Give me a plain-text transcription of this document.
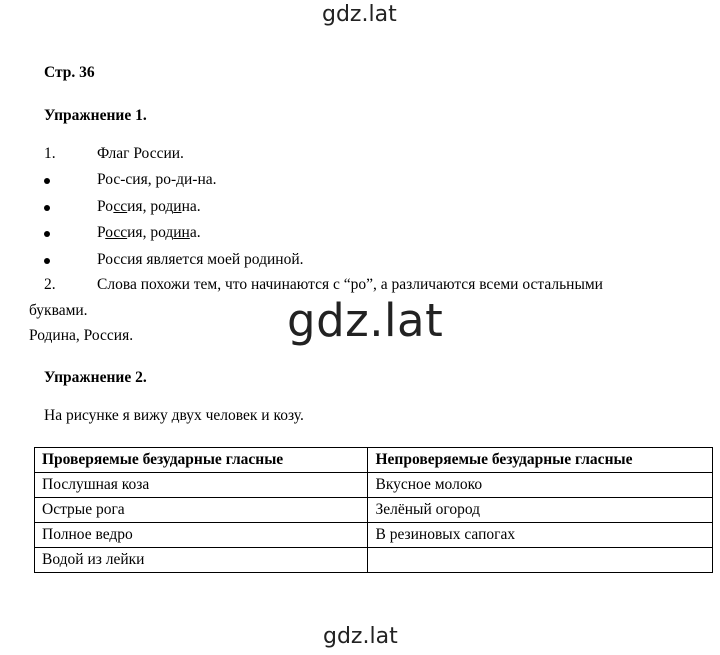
gdz.lat
Стр. 36
Упражнение 1.
1.	Флаг России.
Рос-сия, ро-ди-на.
Россия, родина.
Россия, родина.
Россия является моей родиной.
2.	Слова похожи тем, что начинаются с “ро”, а различаются всеми остальными
буквами.
Родина, Россия.	gdz.lat
Упражнение 2.
На рисунке я вижу двух человек и козу.
Проверяемые безударные гласные	Непроверяемые безударные гласные
Послушная коза	Вкусное молоко
Острые рога	Зелёный огород
Полное ведро	В резиновых сапогах
Водой из лейки	
gdz.lat
